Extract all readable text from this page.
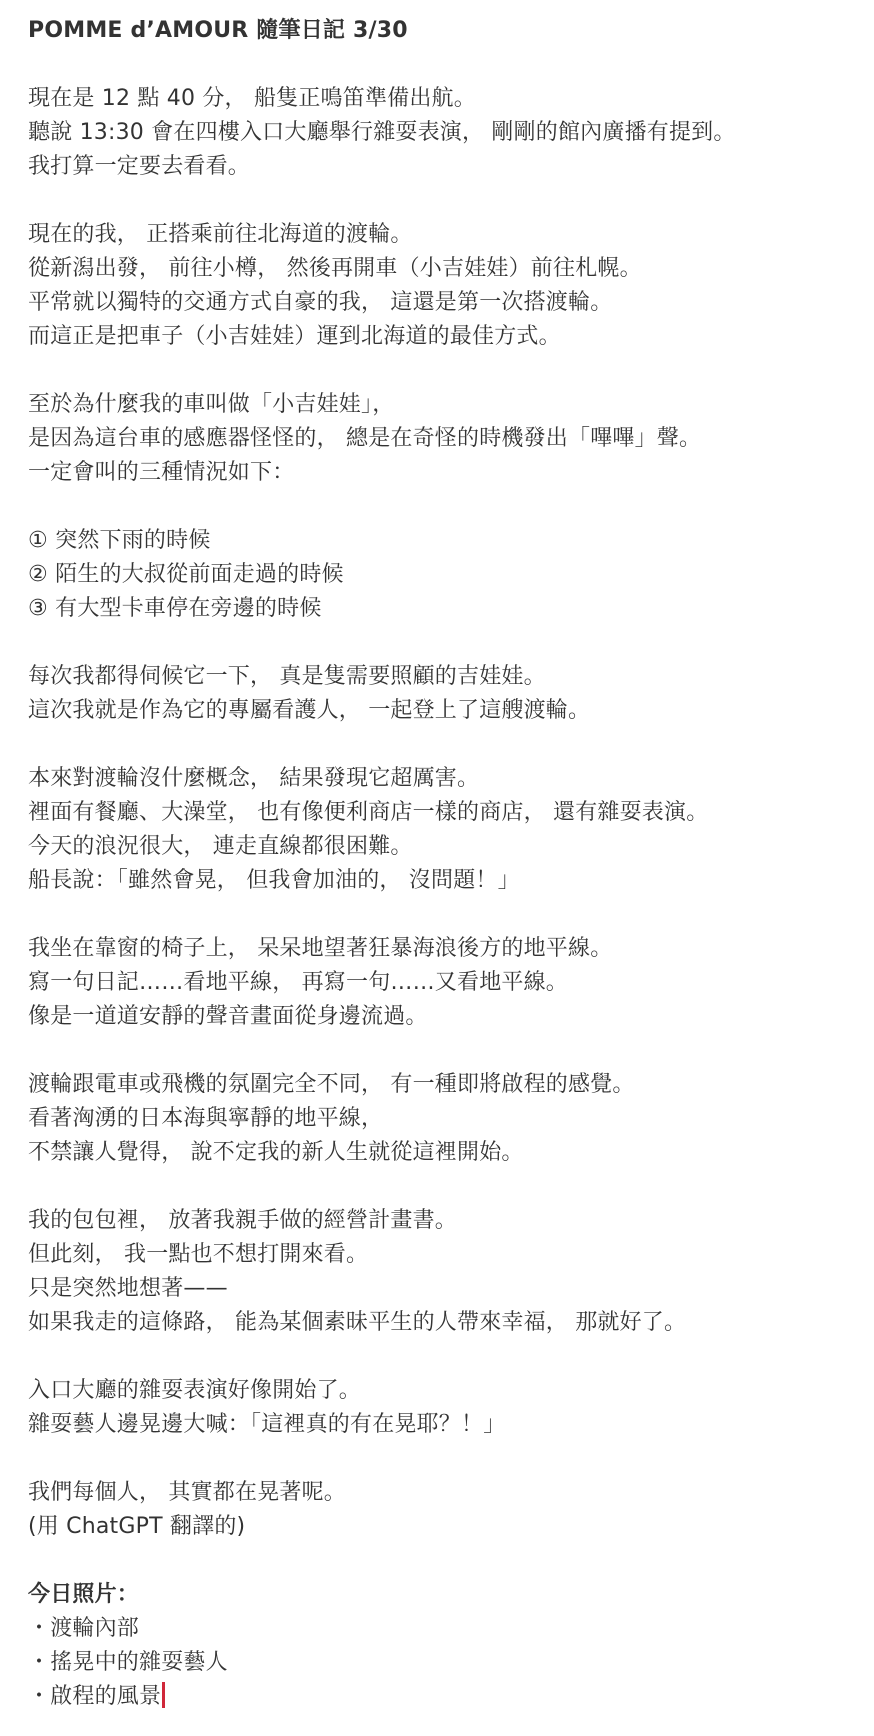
POMME d’AMOUR 隨筆日記 3/30
現在是 12 點 40 分， 船隻正鳴笛準備出航。
聽說 13:30 會在四樓入口大廳舉行雜耍表演， 剛剛的館內廣播有提到。
我打算一定要去看看。
現在的我， 正搭乘前往北海道的渡輪。
從新潟出發， 前往小樽， 然後再開車（小吉娃娃）前往札幌。
平常就以獨特的交通方式自豪的我， 這還是第一次搭渡輪。
而這正是把車子（小吉娃娃）運到北海道的最佳方式。
至於為什麼我的車叫做「小吉娃娃」，
是因為這台車的感應器怪怪的， 總是在奇怪的時機發出「嗶嗶」聲。
一定會叫的三種情況如下：
① 突然下雨的時候
② 陌生的大叔從前面走過的時候
③ 有大型卡車停在旁邊的時候
每次我都得伺候它一下， 真是隻需要照顧的吉娃娃。
這次我就是作為它的專屬看護人， 一起登上了這艘渡輪。
本來對渡輪沒什麼概念， 結果發現它超厲害。
裡面有餐廳、大澡堂， 也有像便利商店一樣的商店， 還有雜耍表演。
今天的浪況很大， 連走直線都很困難。
船長說：「雖然會晃， 但我會加油的， 沒問題！」
我坐在靠窗的椅子上， 呆呆地望著狂暴海浪後方的地平線。
寫一句日記……看地平線， 再寫一句……又看地平線。
像是一道道安靜的聲音畫面從身邊流過。
渡輪跟電車或飛機的氛圍完全不同， 有一種即將啟程的感覺。
看著洶湧的日本海與寧靜的地平線，
不禁讓人覺得， 說不定我的新人生就從這裡開始。
我的包包裡， 放著我親手做的經營計畫書。
但此刻， 我一點也不想打開來看。
只是突然地想著——
如果我走的這條路， 能為某個素昧平生的人帶來幸福， 那就好了。
入口大廳的雜耍表演好像開始了。
雜耍藝人邊晃邊大喊：「這裡真的有在晃耶？！」
我們每個人， 其實都在晃著呢。
(用 ChatGPT 翻譯的)
今日照片：
・渡輪內部
・搖晃中的雜耍藝人
・啟程的風景
